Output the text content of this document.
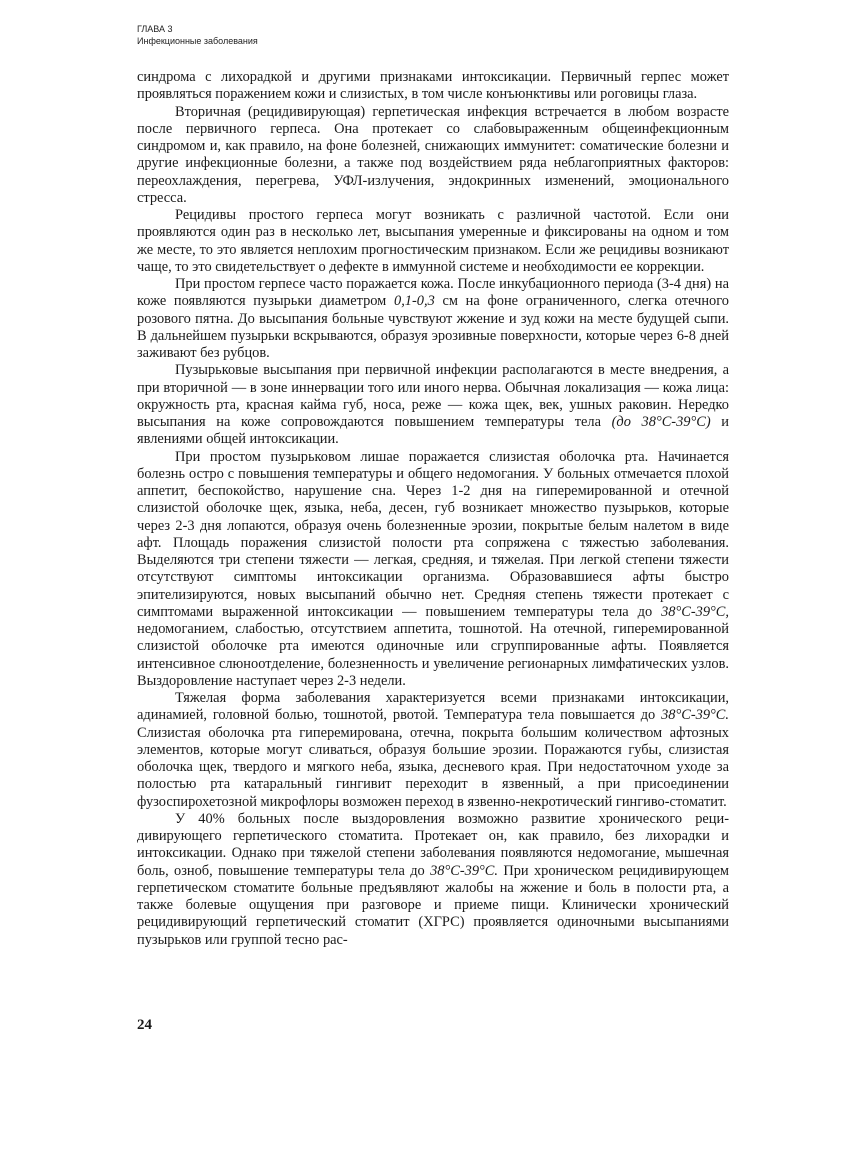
ГЛАВА 3
Инфекционные заболевания

синдрома с лихорадкой и другими признаками интоксикации. Первичный герпес может проявляться поражением кожи и слизистых, в том числе конъюнктивы или роговицы глаза.

Вторичная (рецидивирующая) герпетическая инфекция встречается в любом возрасте после первичного герпеса. Она протекает со слабовыраженным общеинфекционным синдромом и, как правило, на фоне болезней, снижающих иммунитет: соматические болезни и другие инфекционные болезни, а также под воздействием ряда неблагоприятных факторов: переохлаждения, перегрева, УФЛ-излучения, эндокринных изменений, эмоционального стресса.

Рецидивы простого герпеса могут возникать с различной частотой. Если они проявляются один раз в несколько лет, высыпания умеренные и фиксированы на одном и том же месте, то это является неплохим прогностическим признаком. Если же рецидивы возникают чаще, то это свидетельствует о дефекте в иммунной системе и необходимости ее коррекции.

При простом герпесе часто поражается кожа. После инкубационного периода (3-4 дня) на коже появляются пузырьки диаметром 0,1-0,3 см на фоне ограниченного, слегка отечного розового пятна. До высыпания больные чувствуют жжение и зуд кожи на месте будущей сыпи. В дальнейшем пузырьки вскрываются, образуя эрозивные поверхности, которые через 6-8 дней заживают без рубцов.

Пузырьковые высыпания при первичной инфекции располагаются в месте внедрения, а при вторичной — в зоне иннервации того или иного нерва. Обычная локализация — кожа лица: окружность рта, красная кайма губ, носа, реже — кожа щек, век, ушных раковин. Нередко высыпания на коже сопровождаются повышением температуры тела (до 38°С-39°С) и явлениями общей интоксикации.

При простом пузырьковом лишае поражается слизистая оболочка рта. Начинается болезнь остро с повышения температуры и общего недомогания. У больных отмечается плохой аппетит, беспокойство, нарушение сна. Через 1-2 дня на гиперемированной и отечной слизистой оболочке щек, языка, неба, десен, губ возникает множество пузырьков, которые через 2-3 дня лопаются, образуя очень болезненные эрозии, покрытые белым налетом в виде афт. Площадь поражения слизистой полости рта сопряжена с тяжестью заболевания. Выделяются три степени тяжести — легкая, средняя, и тяжелая. При легкой степени тяжести отсутствуют симптомы интоксикации организма. Образовавшиеся афты быстро эпителизируются, новых высыпаний обычно нет. Средняя степень тяжести протекает с симптомами выраженной интоксикации — повышением температуры тела до 38°С-39°С, недомоганием, слабостью, отсутствием аппетита, тошнотой. На отечной, гиперемированной слизистой оболочке рта имеются одиночные или сгруппированные афты. Появляется интенсивное слюноотделение, болезненность и увеличение регионарных лимфатических узлов. Выздоровление наступает через 2-3 недели.

Тяжелая форма заболевания характеризуется всеми признаками интоксикации, адинамией, головной болью, тошнотой, рвотой. Температура тела повышается до 38°С-39°С. Слизистая оболочка рта гиперемирована, отечна, покрыта большим количеством афтозных элементов, которые могут сливаться, образуя большие эрозии. Поражаются губы, слизистая оболочка щек, твердого и мягкого неба, языка, десневого края. При недостаточном уходе за полостью рта катаральный гингивит переходит в язвенный, а при присоединении фузоспирохетозной микрофлоры возможен переход в язвенно-некротический гингиво-стоматит.

У 40% больных после выздоровления возможно развитие хронического рецидивирующего герпетического стоматита. Протекает он, как правило, без лихорадки и интоксикации. Однако при тяжелой степени заболевания появляются недомогание, мышечная боль, озноб, повышение температуры тела до 38°С-39°С. При хроническом рецидивирующем герпетическом стоматите больные предъявляют жалобы на жжение и боль в полости рта, а также болевые ощущения при разговоре и приеме пищи. Клинически хронический рецидивирующий герпетический стоматит (ХГРС) проявляется одиночными высыпаниями пузырьков или группой тесно рас-

24
